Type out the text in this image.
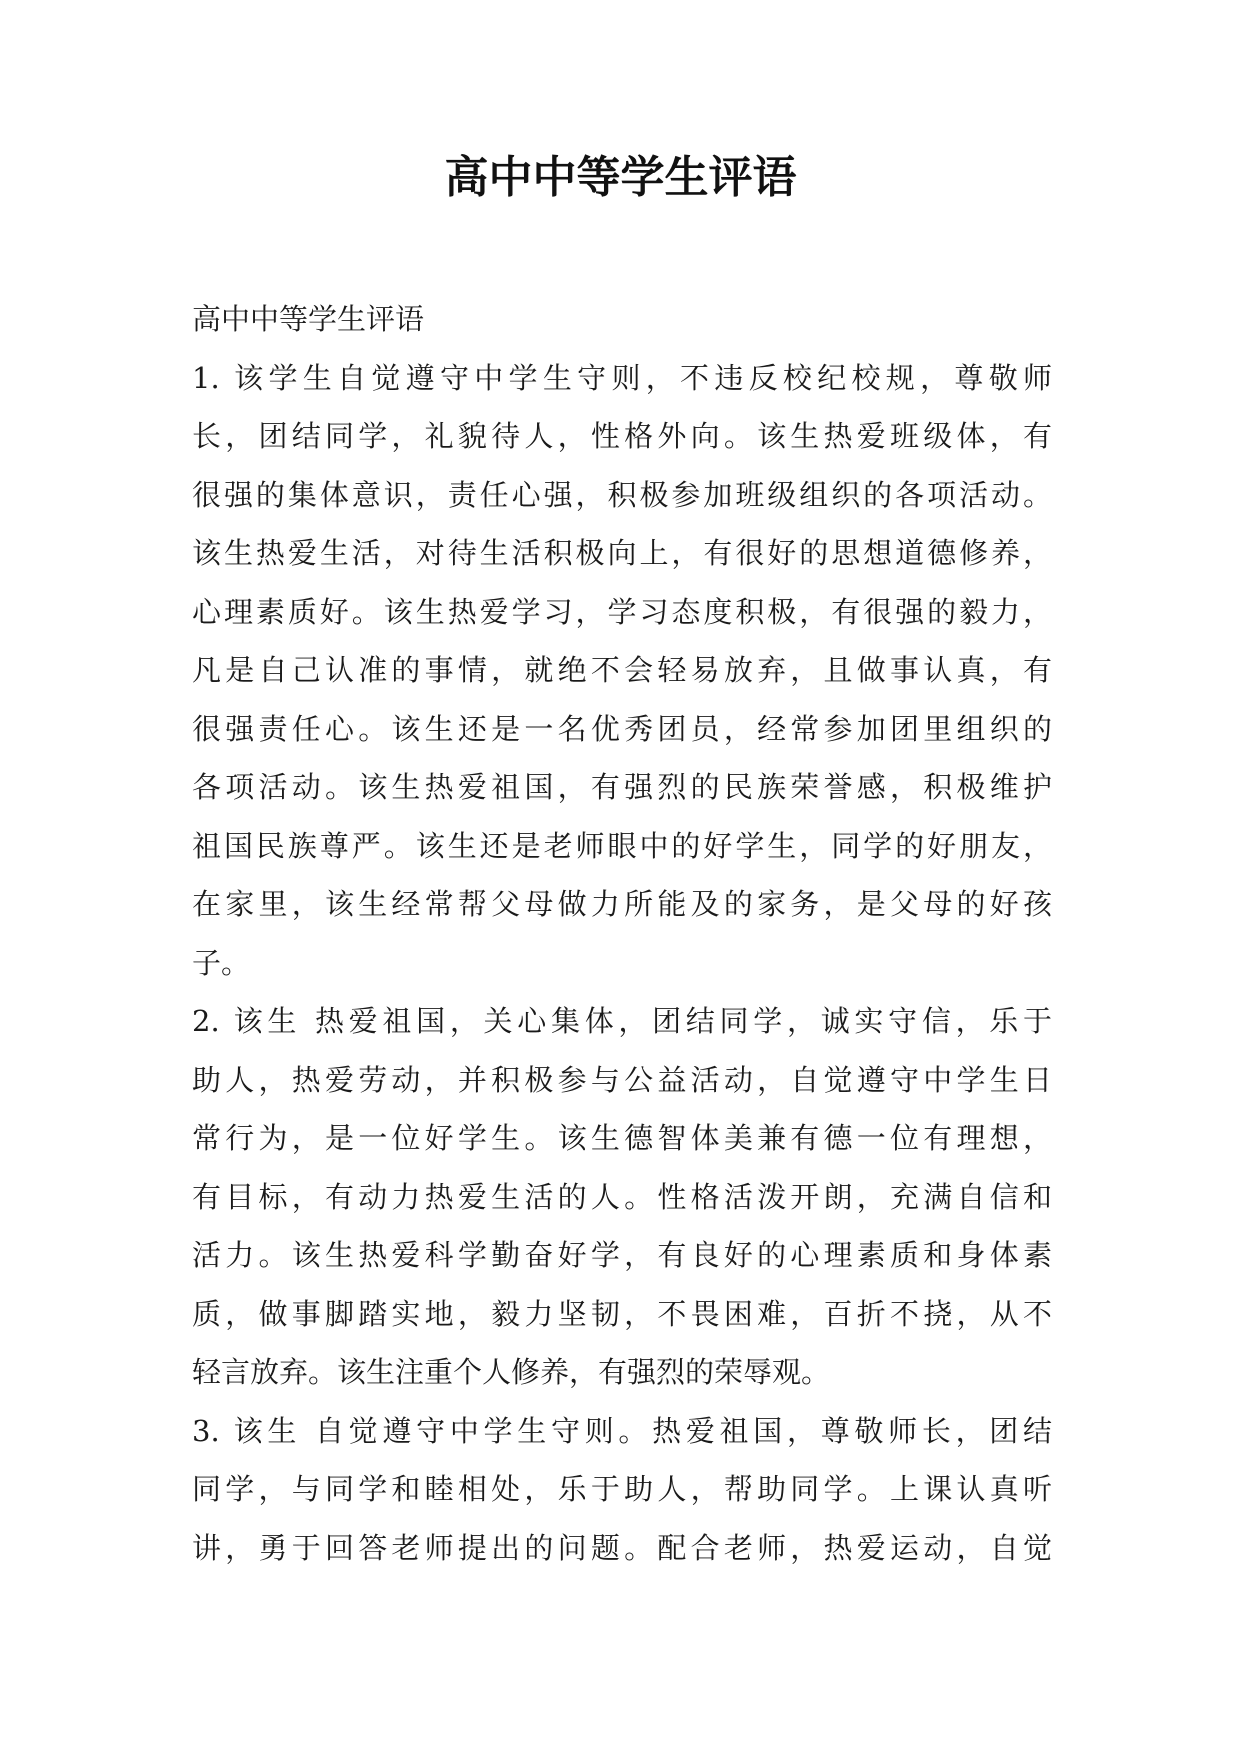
高中中等学生评语
高中中等学生评语
1. 该学生自觉遵守中学生守则，不违反校纪校规，尊敬师
长，团结同学，礼貌待人，性格外向。该生热爱班级体，有
很强的集体意识，责任心强，积极参加班级组织的各项活动。
该生热爱生活，对待生活积极向上，有很好的思想道德修养，
心理素质好。该生热爱学习，学习态度积极，有很强的毅力，
凡是自己认准的事情，就绝不会轻易放弃，且做事认真，有
很强责任心。该生还是一名优秀团员，经常参加团里组织的
各项活动。该生热爱祖国，有强烈的民族荣誉感，积极维护
祖国民族尊严。该生还是老师眼中的好学生，同学的好朋友，
在家里，该生经常帮父母做力所能及的家务，是父母的好孩
子。
2. 该生 热爱祖国，关心集体，团结同学，诚实守信，乐于
助人，热爱劳动，并积极参与公益活动，自觉遵守中学生日
常行为，是一位好学生。该生德智体美兼有德一位有理想，
有目标，有动力热爱生活的人。性格活泼开朗，充满自信和
活力。该生热爱科学勤奋好学，有良好的心理素质和身体素
质，做事脚踏实地，毅力坚韧，不畏困难，百折不挠，从不
轻言放弃。该生注重个人修养，有强烈的荣辱观。
3. 该生 自觉遵守中学生守则。热爱祖国，尊敬师长，团结
同学，与同学和睦相处，乐于助人，帮助同学。上课认真听
讲，勇于回答老师提出的问题。配合老师，热爱运动，自觉
